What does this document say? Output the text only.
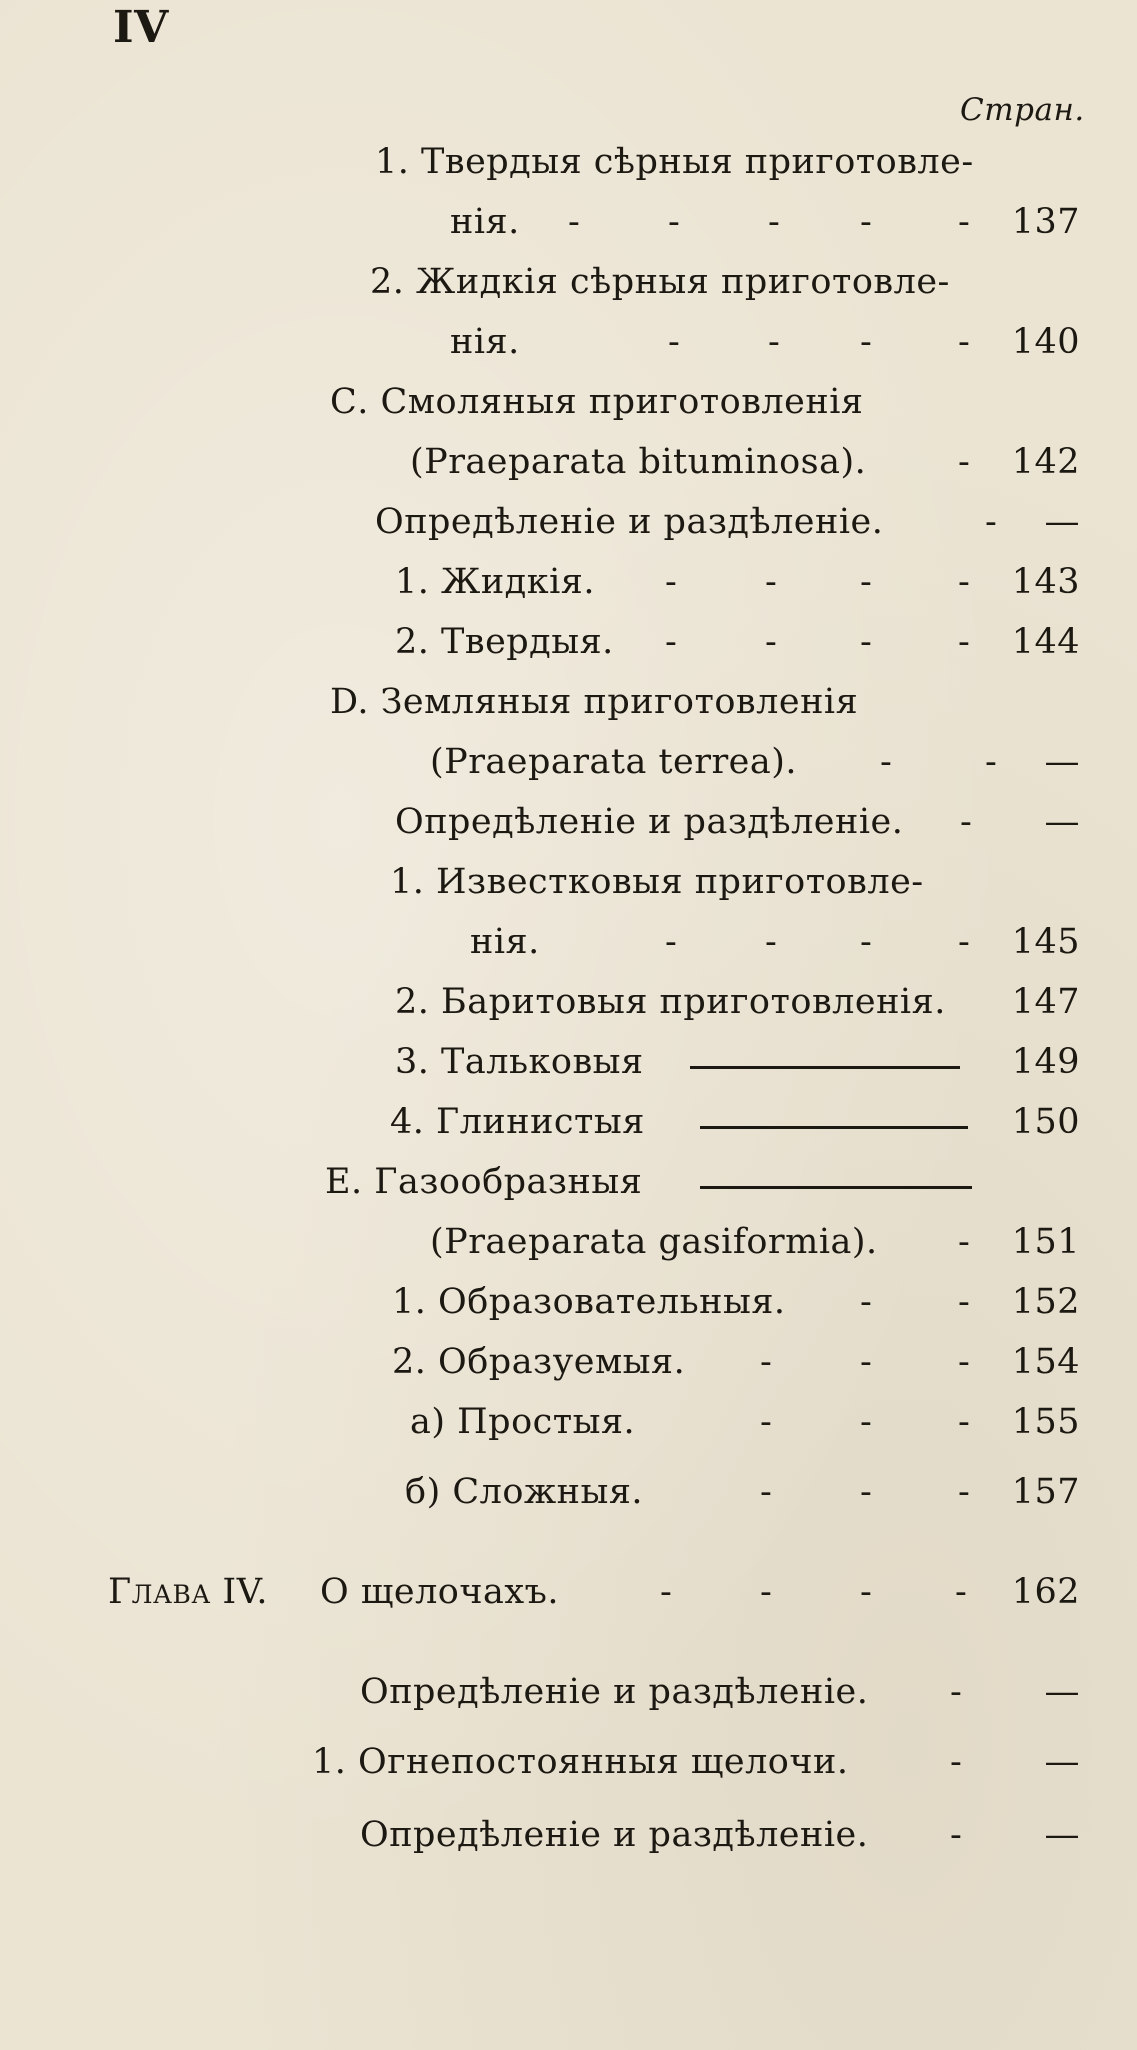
IV
Стран.
1. Твердыя сѣрныя приготовле-
нія. -	-	- - -	137
2. Жидкія сѣрныя приготовле-
нія.	-	- - -	140
С. Смоляныя приготовленія
(Praeparata bituminosa).	-	142
Опредѣленіе и раздѣленіе.	-	—
1. Жидкія. -	- - -	143
2. Твердыя. -	- - -	144
D. Земляныя приготовленія
(Praeparata terrea). -	-	—
Опредѣленіе и раздѣленіе. -	—
1. Известковыя приготовле-
нія.	-	- - -	145
2. Баритовыя приготовленія.	147
3. Тальковыя	149
4. Глинистыя	150
E. Газообразныя
(Praeparata gasiformia). -	151
1. Образовательныя. - -	152
2. Образуемыя. -	- -	154
а) Простыя.	-	- -	155
б) Сложныя.	-	- -	157
Глава IV. О щелочахъ.	-	-	- -	162
Опредѣленіе и раздѣленіе. -	—
1. Огнепостоянныя щелочи.	-	—
Опредѣленіе и раздѣленіе. -	—
